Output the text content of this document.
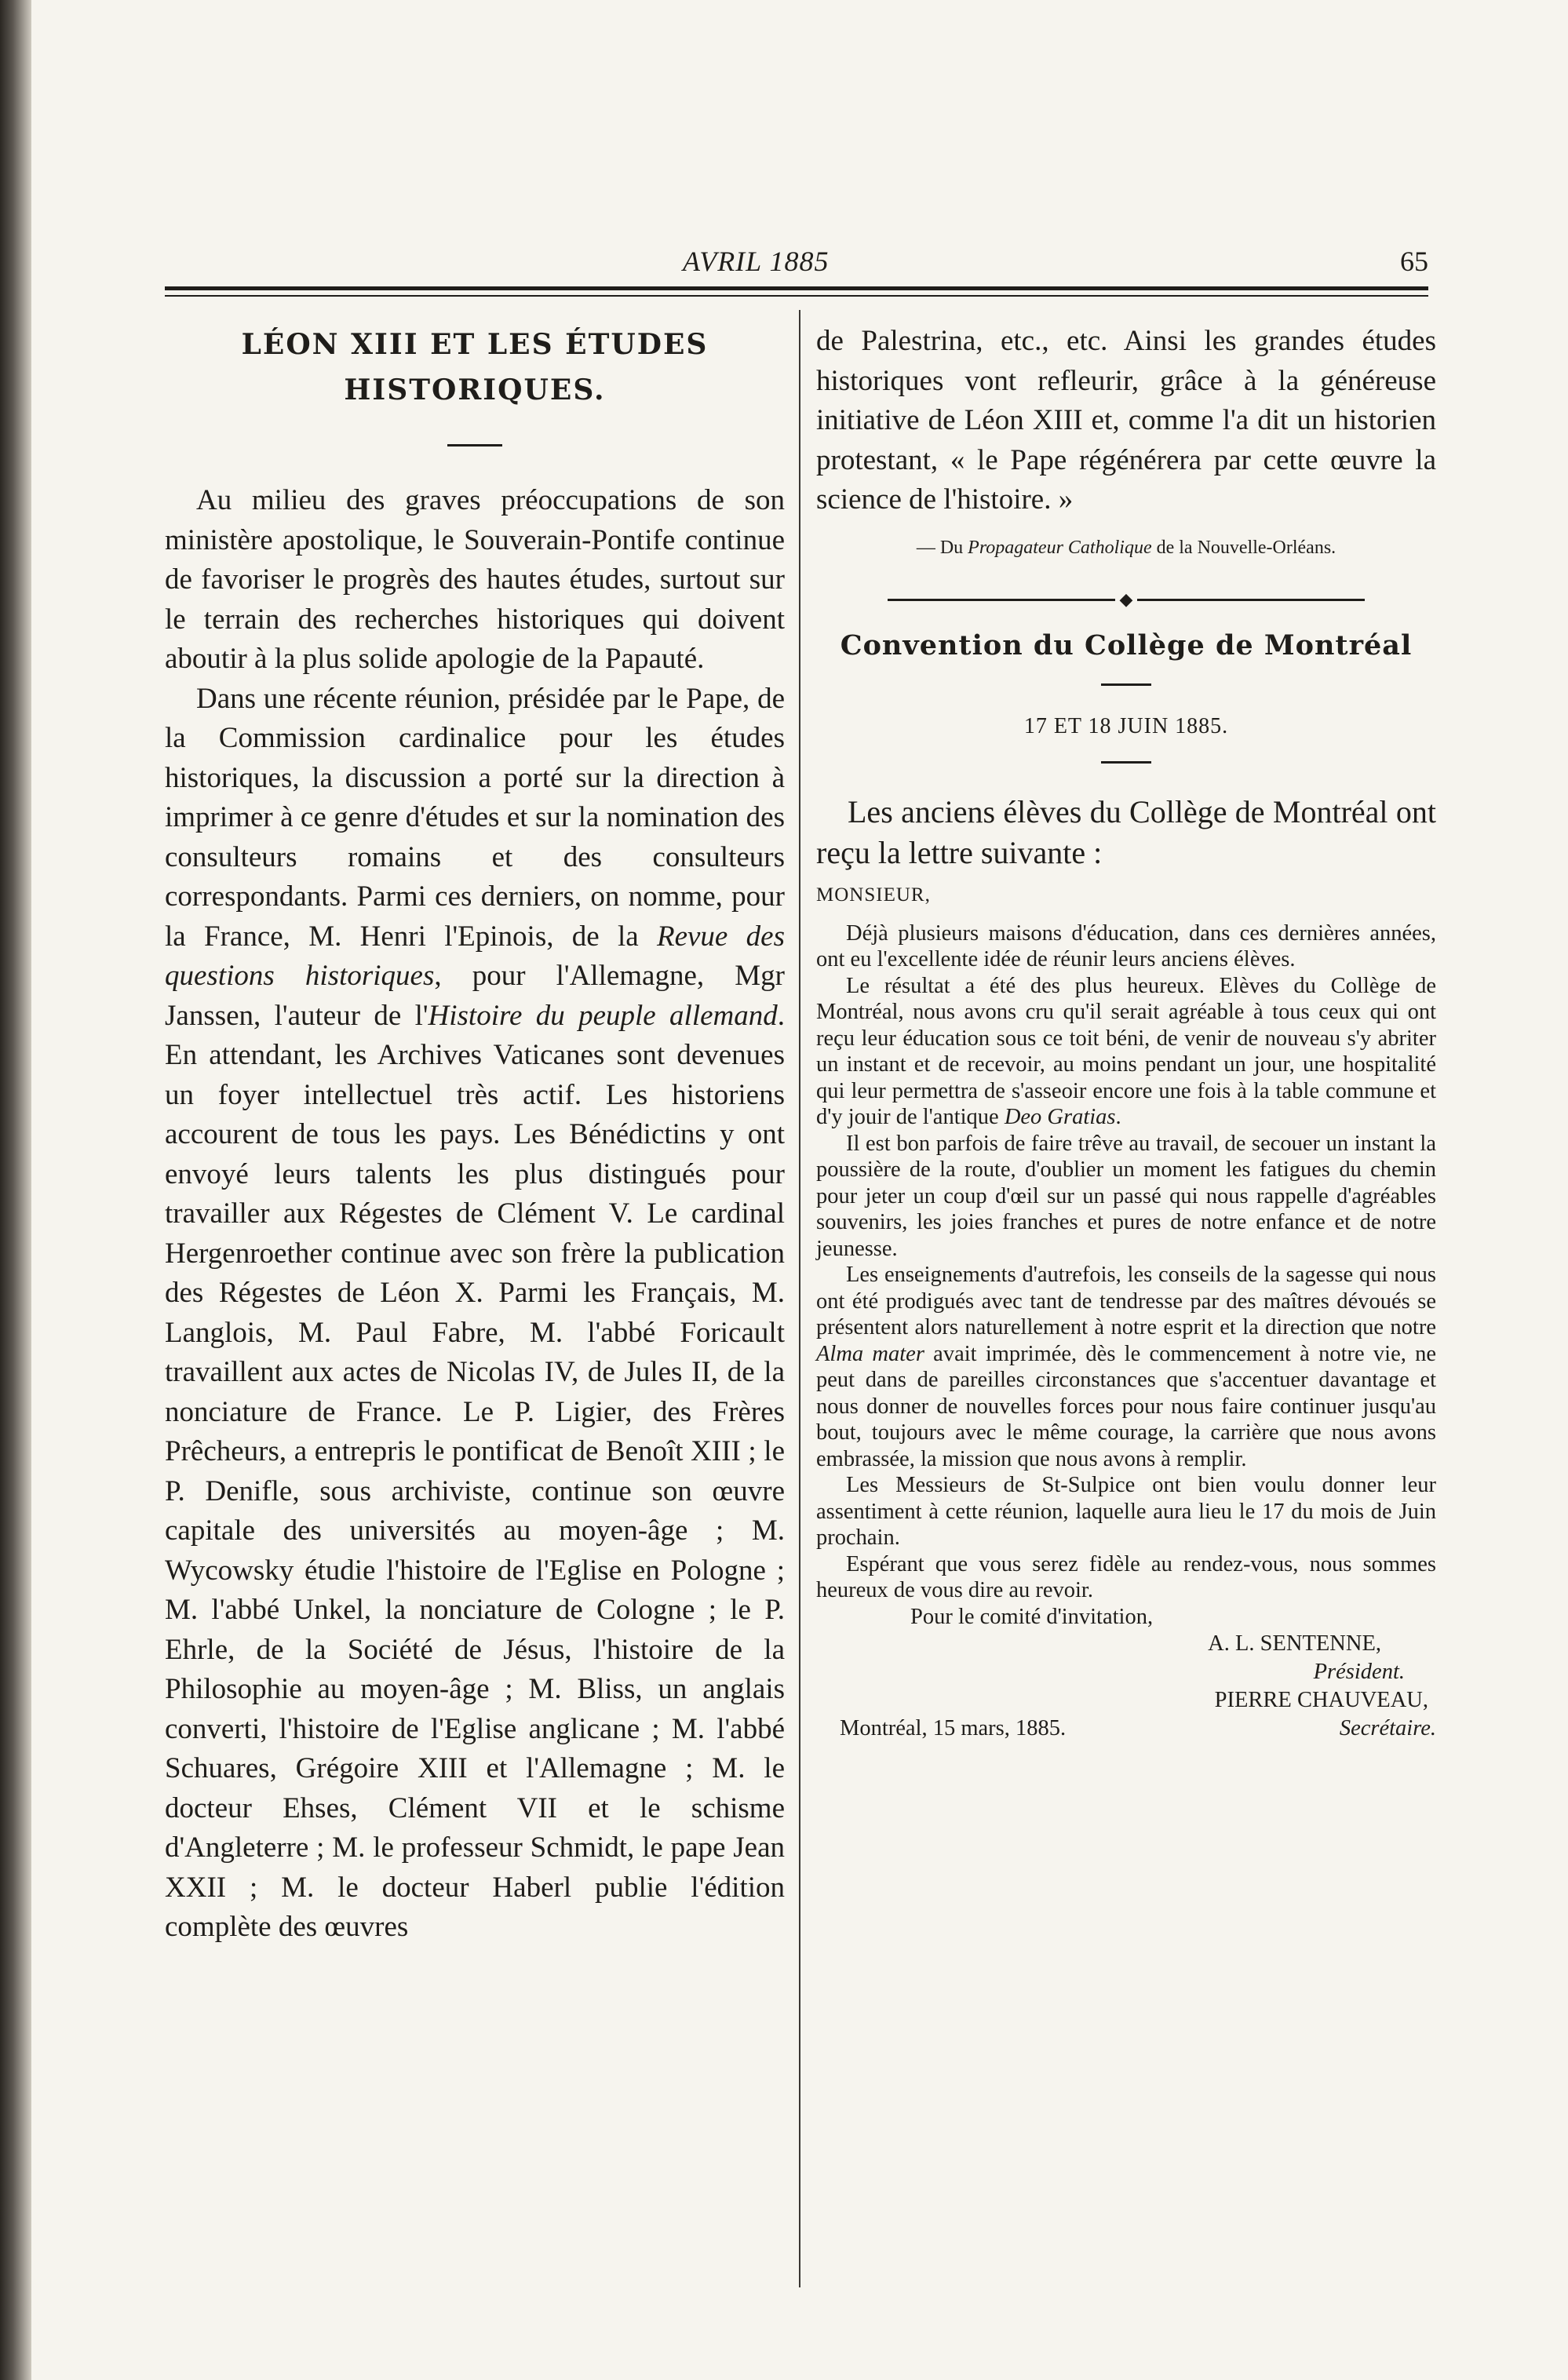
AVRIL 1885	65
LÉON XIII ET LES ÉTUDES
HISTORIQUES.

Au milieu des graves préoccupations de son ministère apostolique, le Souverain-Pontife continue de favoriser le progrès des hautes études, surtout sur le terrain des recherches historiques qui doivent aboutir à la plus solide apologie de la Papauté.

Dans une récente réunion, présidée par le Pape, de la Commission cardinalice pour les études historiques, la discussion a porté sur la direction à imprimer à ce genre d'études et sur la nomination des consulteurs romains et des consulteurs correspondants. Parmi ces derniers, on nomme, pour la France, M. Henri l'Epinois, de la Revue des questions historiques, pour l'Allemagne, Mgr Janssen, l'auteur de l'Histoire du peuple allemand. En attendant, les Archives Vaticanes sont devenues un foyer intellectuel très actif. Les historiens accourent de tous les pays. Les Bénédictins y ont envoyé leurs talents les plus distingués pour travailler aux Régestes de Clément V. Le cardinal Hergenroether continue avec son frère la publication des Régestes de Léon X. Parmi les Français, M. Langlois, M. Paul Fabre, M. l'abbé Foricault travaillent aux actes de Nicolas IV, de Jules II, de la nonciature de France. Le P. Ligier, des Frères Prêcheurs, a entrepris le pontificat de Benoît XIII ; le P. Denifle, sous archiviste, continue son œuvre capitale des universités au moyen-âge ; M. Wycowsky étudie l'histoire de l'Eglise en Pologne ; M. l'abbé Unkel, la nonciature de Cologne ; le P. Ehrle, de la Société de Jésus, l'histoire de la Philosophie au moyen-âge ; M. Bliss, un anglais converti, l'histoire de l'Eglise anglicane ; M. l'abbé Schuares, Grégoire XIII et l'Allemagne ; M. le docteur Ehses, Clément VII et le schisme d'Angleterre ; M. le professeur Schmidt, le pape Jean XXII ; M. le docteur Haberl publie l'édition complète des œuvres

de Palestrina, etc., etc. Ainsi les grandes études historiques vont refleurir, grâce à la généreuse initiative de Léon XIII et, comme l'a dit un historien protestant, « le Pape régénérera par cette œuvre la science de l'histoire. »

— Du Propagateur Catholique de la Nouvelle-Orléans.

◆
Convention du Collège de Montréal

17 ET 18 JUIN 1885.

Les anciens élèves du Collège de Montréal ont reçu la lettre suivante :

MONSIEUR,

Déjà plusieurs maisons d'éducation, dans ces dernières années, ont eu l'excellente idée de réunir leurs anciens élèves.

Le résultat a été des plus heureux. Elèves du Collège de Montréal, nous avons cru qu'il serait agréable à tous ceux qui ont reçu leur éducation sous ce toit béni, de venir de nouveau s'y abriter un instant et de recevoir, au moins pendant un jour, une hospitalité qui leur permettra de s'asseoir encore une fois à la table commune et d'y jouir de l'antique Deo Gratias.

Il est bon parfois de faire trêve au travail, de secouer un instant la poussière de la route, d'oublier un moment les fatigues du chemin pour jeter un coup d'œil sur un passé qui nous rappelle d'agréables souvenirs, les joies franches et pures de notre enfance et de notre jeunesse.

Les enseignements d'autrefois, les conseils de la sagesse qui nous ont été prodigués avec tant de tendresse par des maîtres dévoués se présentent alors naturellement à notre esprit et la direction que notre Alma mater avait imprimée, dès le commencement à notre vie, ne peut dans de pareilles circonstances que s'accentuer davantage et nous donner de nouvelles forces pour nous faire continuer jusqu'au bout, toujours avec le même courage, la carrière que nous avons embrassée, la mission que nous avons à remplir.

Les Messieurs de St-Sulpice ont bien voulu donner leur assentiment à cette réunion, laquelle aura lieu le 17 du mois de Juin prochain.

Espérant que vous serez fidèle au rendez-vous, nous sommes heureux de vous dire au revoir.

Pour le comité d'invitation,

A. L. SENTENNE,
Président.
PIERRE CHAUVEAU,
Montréal, 15 mars, 1885.	Secrétaire.
